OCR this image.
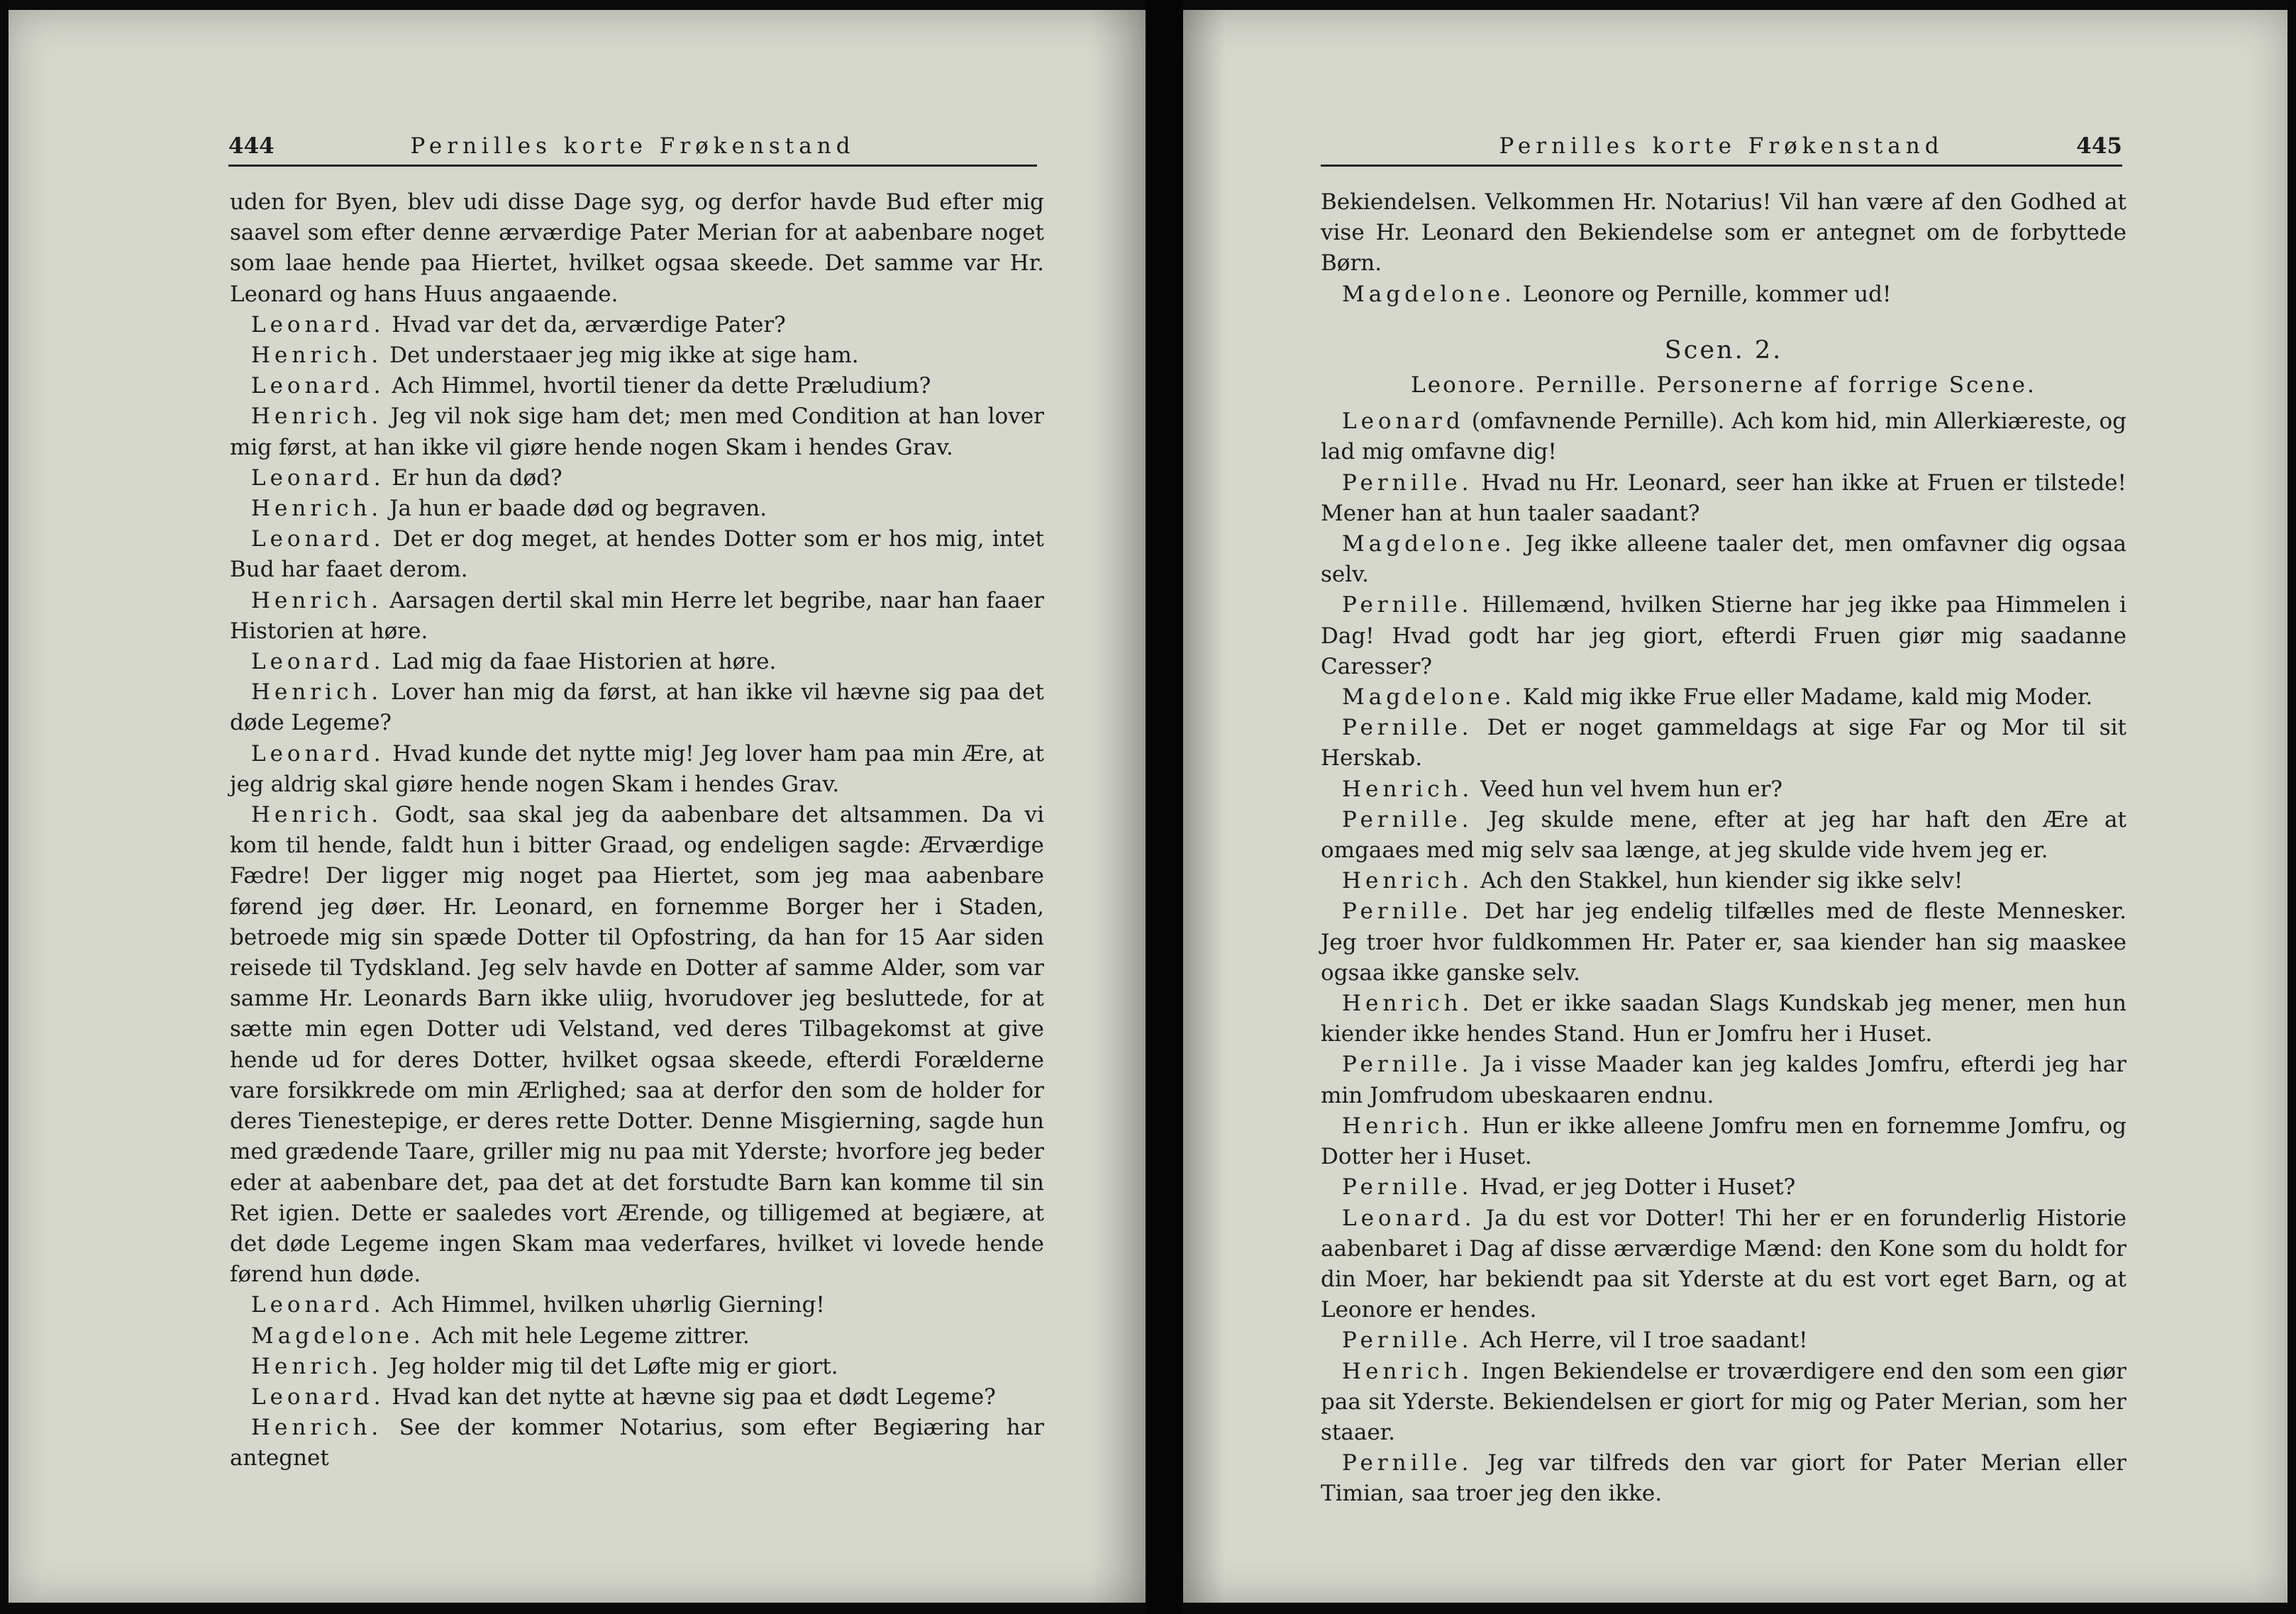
444	Pernilles korte Frøkenstand

uden for Byen, blev udi disse Dage syg, og derfor havde Bud efter mig saavel som efter denne ærværdige Pater Merian for at aabenbare noget som laae hende paa Hiertet, hvilket ogsaa skeede. Det samme var Hr. Leonard og hans Huus angaaende.

Leonard. Hvad var det da, ærværdige Pater?

Henrich. Det understaaer jeg mig ikke at sige ham.

Leonard. Ach Himmel, hvortil tiener da dette Præludium?

Henrich. Jeg vil nok sige ham det; men med Condition at han lover mig først, at han ikke vil giøre hende nogen Skam i hendes Grav.

Leonard. Er hun da død?

Henrich. Ja hun er baade død og begraven.

Leonard. Det er dog meget, at hendes Dotter som er hos mig, intet Bud har faaet derom.

Henrich. Aarsagen dertil skal min Herre let begribe, naar han faaer Historien at høre.

Leonard. Lad mig da faae Historien at høre.

Henrich. Lover han mig da først, at han ikke vil hævne sig paa det døde Legeme?

Leonard. Hvad kunde det nytte mig! Jeg lover ham paa min Ære, at jeg aldrig skal giøre hende nogen Skam i hendes Grav.

Henrich. Godt, saa skal jeg da aabenbare det altsammen. Da vi kom til hende, faldt hun i bitter Graad, og endeligen sagde: Ærværdige Fædre! Der ligger mig noget paa Hiertet, som jeg maa aabenbare førend jeg døer. Hr. Leonard, en fornemme Borger her i Staden, betroede mig sin spæde Dotter til Opfostring, da han for 15 Aar siden reisede til Tydskland. Jeg selv havde en Dotter af samme Alder, som var samme Hr. Leonards Barn ikke uliig, hvorudover jeg besluttede, for at sætte min egen Dotter udi Velstand, ved deres Tilbagekomst at give hende ud for deres Dotter, hvilket ogsaa skeede, efterdi Forælderne vare forsikkrede om min Ærlighed; saa at derfor den som de holder for deres Tienestepige, er deres rette Dotter. Denne Misgierning, sagde hun med grædende Taare, griller mig nu paa mit Yderste; hvorfore jeg beder eder at aabenbare det, paa det at det forstudte Barn kan komme til sin Ret igien. Dette er saaledes vort Ærende, og tilligemed at begiære, at det døde Legeme ingen Skam maa vederfares, hvilket vi lovede hende førend hun døde.

Leonard. Ach Himmel, hvilken uhørlig Gierning!

Magdelone. Ach mit hele Legeme zittrer.

Henrich. Jeg holder mig til det Løfte mig er giort.

Leonard. Hvad kan det nytte at hævne sig paa et dødt Legeme?

Henrich. See der kommer Notarius, som efter Begiæring har antegnet

Pernilles korte Frøkenstand	445

Bekiendelsen. Velkommen Hr. Notarius! Vil han være af den Godhed at vise Hr. Leonard den Bekiendelse som er antegnet om de forbyttede Børn.

Magdelone. Leonore og Pernille, kommer ud!

Scen. 2.
Leonore. Pernille. Personerne af forrige Scene.

Leonard (omfavnende Pernille). Ach kom hid, min Allerkiæreste, og lad mig omfavne dig!

Pernille. Hvad nu Hr. Leonard, seer han ikke at Fruen er tilstede! Mener han at hun taaler saadant?

Magdelone. Jeg ikke alleene taaler det, men omfavner dig ogsaa selv.

Pernille. Hillemænd, hvilken Stierne har jeg ikke paa Himmelen i Dag! Hvad godt har jeg giort, efterdi Fruen giør mig saadanne Caresser?

Magdelone. Kald mig ikke Frue eller Madame, kald mig Moder.

Pernille. Det er noget gammeldags at sige Far og Mor til sit Herskab.

Henrich. Veed hun vel hvem hun er?

Pernille. Jeg skulde mene, efter at jeg har haft den Ære at omgaaes med mig selv saa længe, at jeg skulde vide hvem jeg er.

Henrich. Ach den Stakkel, hun kiender sig ikke selv!

Pernille. Det har jeg endelig tilfælles med de fleste Mennesker. Jeg troer hvor fuldkommen Hr. Pater er, saa kiender han sig maaskee ogsaa ikke ganske selv.

Henrich. Det er ikke saadan Slags Kundskab jeg mener, men hun kiender ikke hendes Stand. Hun er Jomfru her i Huset.

Pernille. Ja i visse Maader kan jeg kaldes Jomfru, efterdi jeg har min Jomfrudom ubeskaaren endnu.

Henrich. Hun er ikke alleene Jomfru men en fornemme Jomfru, og Dotter her i Huset.

Pernille. Hvad, er jeg Dotter i Huset?

Leonard. Ja du est vor Dotter! Thi her er en forunderlig Historie aabenbaret i Dag af disse ærværdige Mænd: den Kone som du holdt for din Moer, har bekiendt paa sit Yderste at du est vort eget Barn, og at Leonore er hendes.

Pernille. Ach Herre, vil I troe saadant!

Henrich. Ingen Bekiendelse er troværdigere end den som een giør paa sit Yderste. Bekiendelsen er giort for mig og Pater Merian, som her staaer.

Pernille. Jeg var tilfreds den var giort for Pater Merian eller Timian, saa troer jeg den ikke.
